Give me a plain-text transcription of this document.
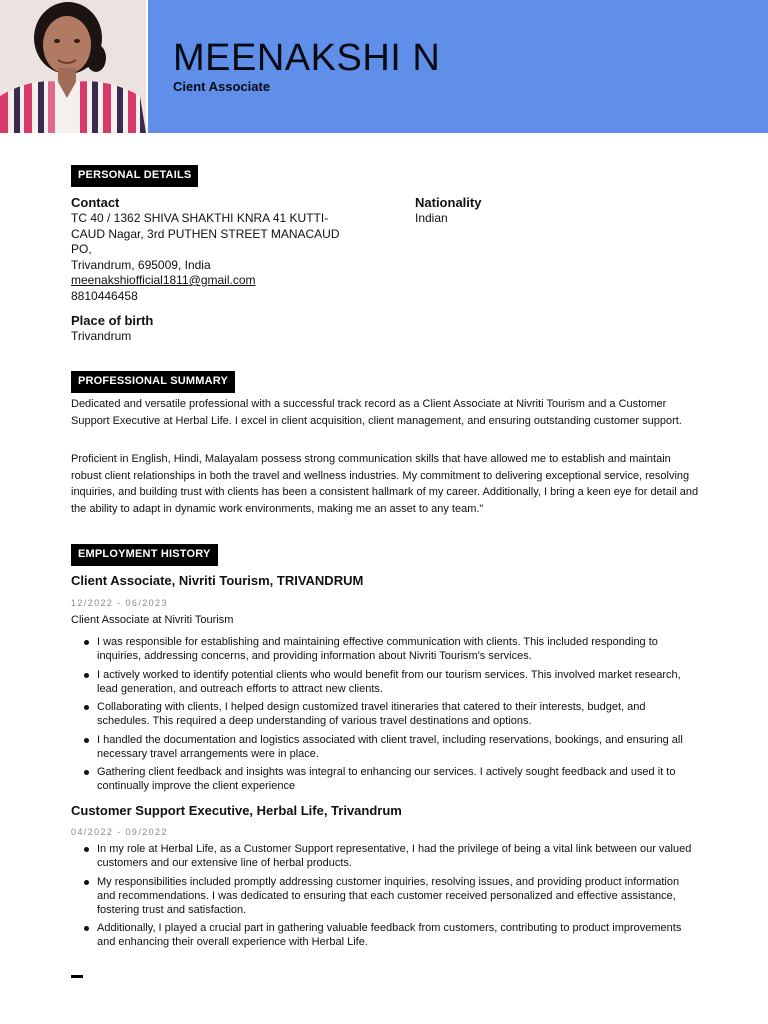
MEENAKSHI N
Cient Associate
PERSONAL DETAILS
Contact
TC 40 / 1362 SHIVA SHAKTHI KNRA 41 KUTTI-
CAUD Nagar, 3rd PUTHEN STREET MANACAUD
PO,
Trivandrum, 695009, India
meenakshiofficial1811@gmail.com
8810446458
Nationality
Indian
Place of birth
Trivandrum
PROFESSIONAL SUMMARY
Dedicated and versatile professional with a successful track record as a Client Associate at Nivriti Tourism and a Customer Support Executive at Herbal Life. I excel in client acquisition, client management, and ensuring outstanding customer support.
Proficient in English, Hindi, Malayalam possess strong communication skills that have allowed me to establish and maintain robust client relationships in both the travel and wellness industries. My commitment to delivering exceptional service, resolving inquiries, and building trust with clients has been a consistent hallmark of my career. Additionally, I bring a keen eye for detail and the ability to adapt in dynamic work environments, making me an asset to any team."
EMPLOYMENT HISTORY
Client Associate, Nivriti Tourism, TRIVANDRUM
12/2022 - 06/2023
Client Associate at Nivriti Tourism
I was responsible for establishing and maintaining effective communication with clients. This included responding to inquiries, addressing concerns, and providing information about Nivriti Tourism's services.
I actively worked to identify potential clients who would benefit from our tourism services. This involved market research, lead generation, and outreach efforts to attract new clients.
Collaborating with clients, I helped design customized travel itineraries that catered to their interests, budget, and schedules. This required a deep understanding of various travel destinations and options.
I handled the documentation and logistics associated with client travel, including reservations, bookings, and ensuring all necessary travel arrangements were in place.
Gathering client feedback and insights was integral to enhancing our services. I actively sought feedback and used it to continually improve the client experience
Customer Support Executive, Herbal Life, Trivandrum
04/2022 - 09/2022
In my role at Herbal Life, as a Customer Support representative, I had the privilege of being a vital link between our valued customers and our extensive line of herbal products.
My responsibilities included promptly addressing customer inquiries, resolving issues, and providing product information and recommendations. I was dedicated to ensuring that each customer received personalized and effective assistance, fostering trust and satisfaction.
Additionally, I played a crucial part in gathering valuable feedback from customers, contributing to product improvements and enhancing their overall experience with Herbal Life.
